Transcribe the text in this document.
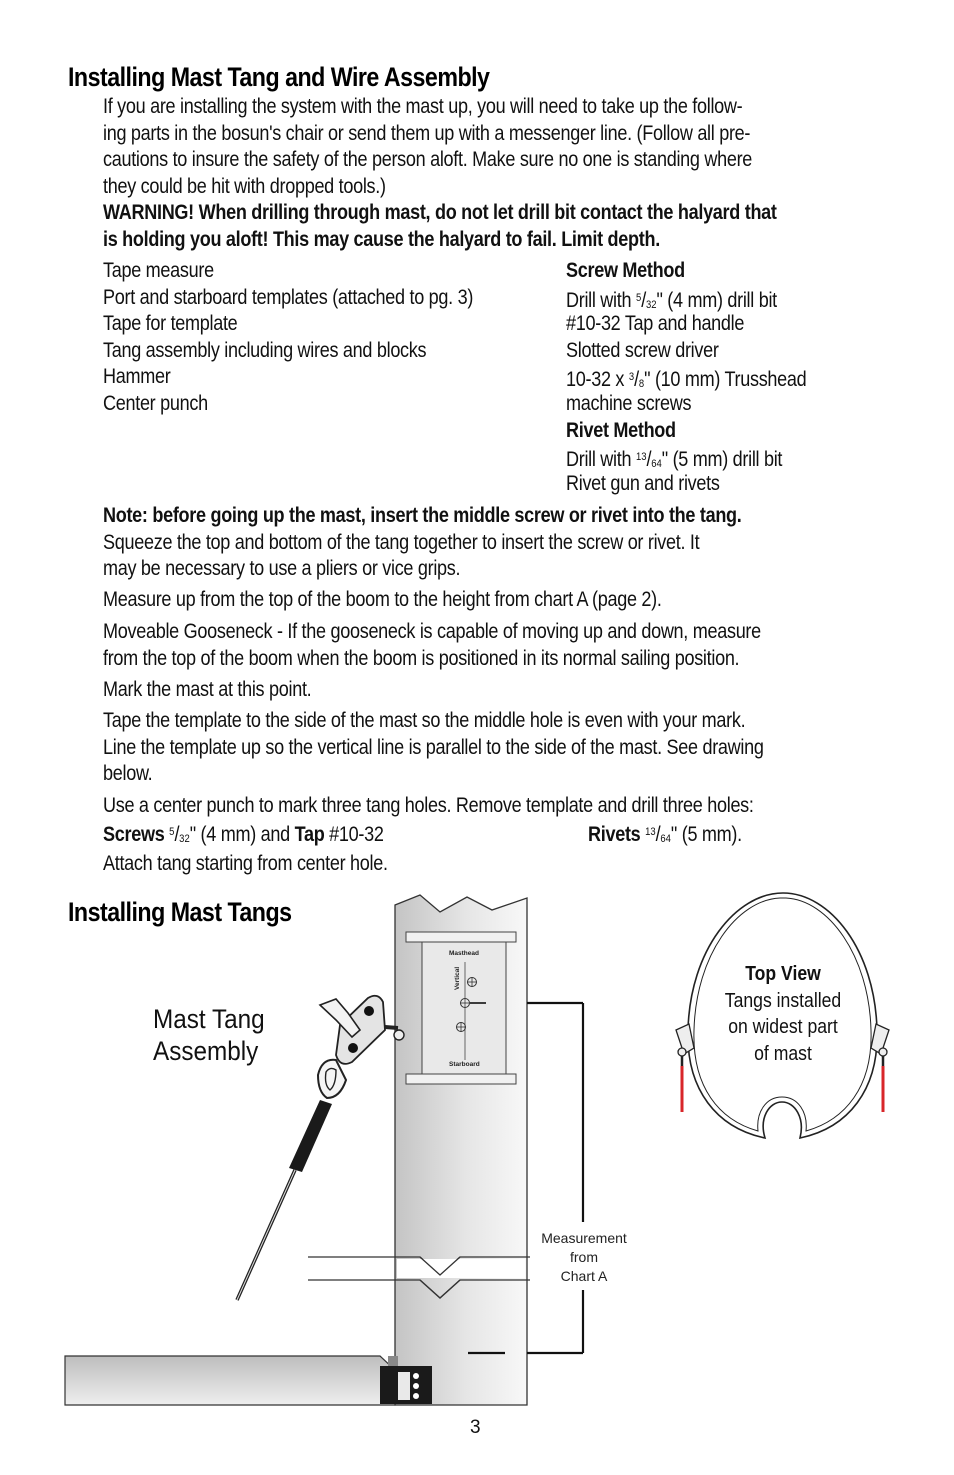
Installing Mast Tang and Wire Assembly
If you are installing the system with the mast up, you will need to take up the follow-
ing parts in the bosun's chair or send them up with a messenger line. (Follow all pre-
cautions to insure the safety of the person aloft. Make sure no one is standing where
they could be hit with dropped tools.)
WARNING! When drilling through mast, do not let drill bit contact the halyard that
is holding you aloft! This may cause the halyard to fail. Limit depth.
Tape measure
Port and starboard templates (attached to pg. 3)
Tape for template
Tang assembly including wires and blocks
Hammer
Center punch
Screw Method
Drill with $^5$/32" (4 mm) drill bit
#10-32 Tap and handle
Slotted screw driver
10-32 x $^3$/8" (10 mm) Trusshead
machine screws
Rivet Method
Drill with $^{13}$/64" (5 mm) drill bit
Rivet gun and rivets
Note: before going up the mast, insert the middle screw or rivet into the tang.
Squeeze the top and bottom of the tang together to insert the screw or rivet. It
may be necessary to use a pliers or vice grips.
Measure up from the top of the boom to the height from chart A (page 2).
Moveable Gooseneck - If the gooseneck is capable of moving up and down, measure
from the top of the boom when the boom is positioned in its normal sailing position.
Mark the mast at this point.
Tape the template to the side of the mast so the middle hole is even with your mark.
Line the template up so the vertical line is parallel to the side of the mast. See drawing
below.
Use a center punch to mark three tang holes. Remove template and drill three holes:
Screws $^5$/32" (4 mm) and Tap #10-32	Rivets $^{13}$/64" (5 mm).
Attach tang starting from center hole.
Installing Mast Tangs
Masthead
Starboard
Vertical
Mast Tang
Assembly
Top View
Tangs installed
on widest part
of mast
Measurement
from
Chart A
3
